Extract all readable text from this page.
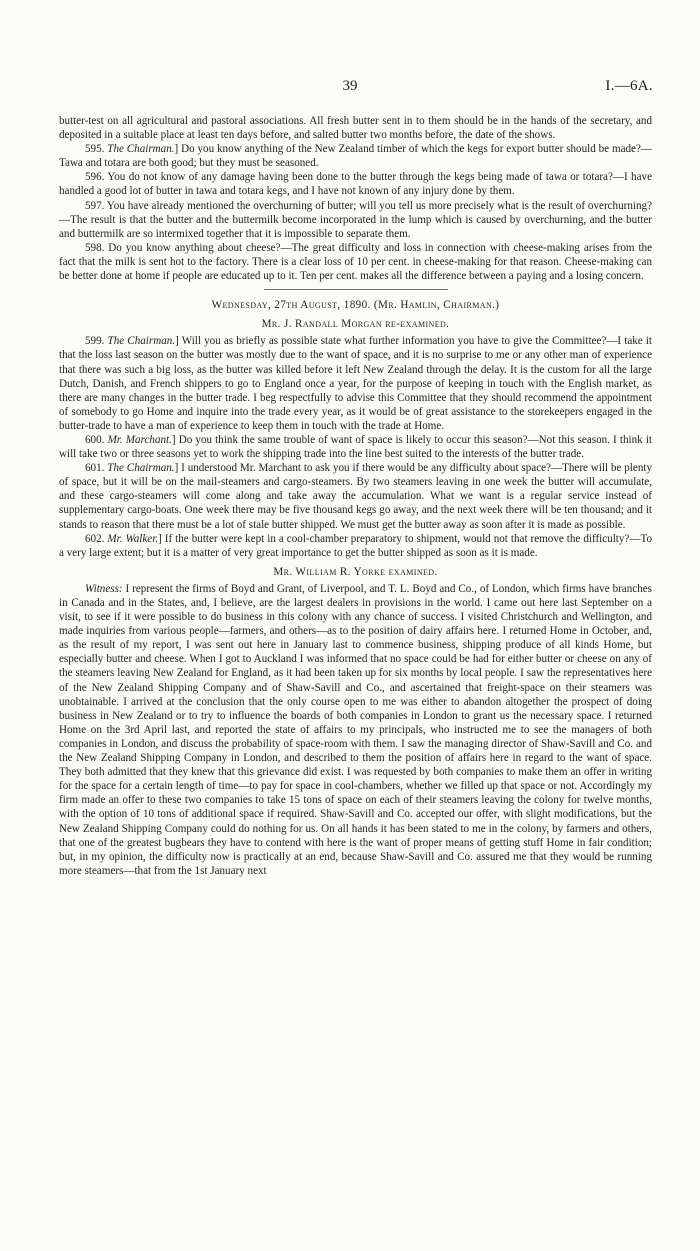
39	I.—6A.

butter-test on all agricultural and pastoral associations. All fresh butter sent in to them should be in the hands of the secretary, and deposited in a suitable place at least ten days before, and salted butter two months before, the date of the shows.

595. The Chairman.] Do you know anything of the New Zealand timber of which the kegs for export butter should be made?—Tawa and totara are both good; but they must be seasoned.

596. You do not know of any damage having been done to the butter through the kegs being made of tawa or totara?—I have handled a good lot of butter in tawa and totara kegs, and I have not known of any injury done by them.

597. You have already mentioned the overchurning of butter; will you tell us more precisely what is the result of overchurning?—The result is that the butter and the buttermilk become incorporated in the lump which is caused by overchurning, and the butter and buttermilk are so intermixed together that it is impossible to separate them.

598. Do you know anything about cheese?—The great difficulty and loss in connection with cheese-making arises from the fact that the milk is sent hot to the factory. There is a clear loss of 10 per cent. in cheese-making for that reason. Cheese-making can be better done at home if people are educated up to it. Ten per cent. makes all the difference between a paying and a losing concern.

Wednesday, 27th August, 1890. (Mr. Hamlin, Chairman.)

Mr. J. Randall Morgan re-examined.

599. The Chairman.] Will you as briefly as possible state what further information you have to give the Committee?—I take it that the loss last season on the butter was mostly due to the want of space, and it is no surprise to me or any other man of experience that there was such a big loss, as the butter was killed before it left New Zealand through the delay. It is the custom for all the large Dutch, Danish, and French shippers to go to England once a year, for the purpose of keeping in touch with the English market, as there are many changes in the butter trade. I beg respectfully to advise this Committee that they should recommend the appointment of somebody to go Home and inquire into the trade every year, as it would be of great assistance to the storekeepers engaged in the butter-trade to have a man of experience to keep them in touch with the trade at Home.

600. Mr. Marchant.] Do you think the same trouble of want of space is likely to occur this season?—Not this season. I think it will take two or three seasons yet to work the shipping trade into the line best suited to the interests of the butter trade.

601. The Chairman.] I understood Mr. Marchant to ask you if there would be any difficulty about space?—There will be plenty of space, but it will be on the mail-steamers and cargo-steamers. By two steamers leaving in one week the butter will accumulate, and these cargo-steamers will come along and take away the accumulation. What we want is a regular service instead of supplementary cargo-boats. One week there may be five thousand kegs go away, and the next week there will be ten thousand; and it stands to reason that there must be a lot of stale butter shipped. We must get the butter away as soon after it is made as possible.

602. Mr. Walker.] If the butter were kept in a cool-chamber preparatory to shipment, would not that remove the difficulty?—To a very large extent; but it is a matter of very great importance to get the butter shipped as soon as it is made.

Mr. William R. Yorke examined.

Witness: I represent the firms of Boyd and Grant, of Liverpool, and T. L. Boyd and Co., of London, which firms have branches in Canada and in the States, and, I believe, are the largest dealers in provisions in the world. I came out here last September on a visit, to see if it were possible to do business in this colony with any chance of success. I visited Christchurch and Wellington, and made inquiries from various people—farmers, and others—as to the position of dairy affairs here. I returned Home in October, and, as the result of my report, I was sent out here in January last to commence business, shipping produce of all kinds Home, but especially butter and cheese. When I got to Auckland I was informed that no space could be had for either butter or cheese on any of the steamers leaving New Zealand for England, as it had been taken up for six months by local people. I saw the representatives here of the New Zealand Shipping Company and of Shaw-Savill and Co., and ascertained that freight-space on their steamers was unobtainable. I arrived at the conclusion that the only course open to me was either to abandon altogether the prospect of doing business in New Zealand or to try to influence the boards of both companies in London to grant us the necessary space. I returned Home on the 3rd April last, and reported the state of affairs to my principals, who instructed me to see the managers of both companies in London, and discuss the probability of space-room with them. I saw the managing director of Shaw-Savill and Co. and the New Zealand Shipping Company in London, and described to them the position of affairs here in regard to the want of space. They both admitted that they knew that this grievance did exist. I was requested by both companies to make them an offer in writing for the space for a certain length of time—to pay for space in cool-chambers, whether we filled up that space or not. Accordingly my firm made an offer to these two companies to take 15 tons of space on each of their steamers leaving the colony for twelve months, with the option of 10 tons of additional space if required. Shaw-Savill and Co. accepted our offer, with slight modifications, but the New Zealand Shipping Company could do nothing for us. On all hands it has been stated to me in the colony, by farmers and others, that one of the greatest bugbears they have to contend with here is the want of proper means of getting stuff Home in fair condition; but, in my opinion, the difficulty now is practically at an end, because Shaw-Savill and Co. assured me that they would be running more steamers—that from the 1st January next
